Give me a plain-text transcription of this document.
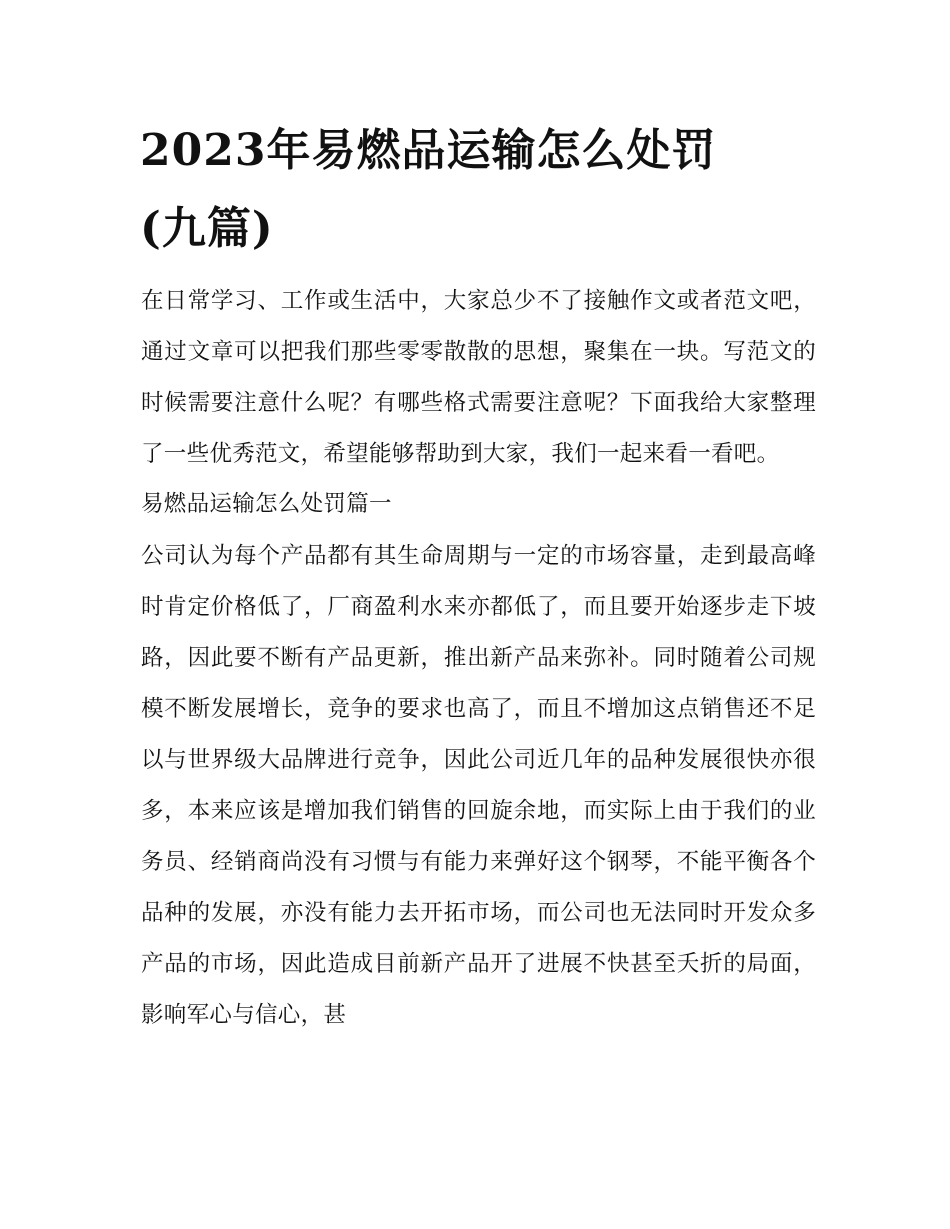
2023年易燃品运输怎么处罚
(九篇)

在日常学习、工作或生活中，大家总少不了接触作文或者范文吧，通过文章可以把我们那些零零散散的思想，聚集在一块。写范文的时候需要注意什么呢？有哪些格式需要注意呢？下面我给大家整理了一些优秀范文，希望能够帮助到大家，我们一起来看一看吧。

易燃品运输怎么处罚篇一

公司认为每个产品都有其生命周期与一定的市场容量，走到最高峰时肯定价格低了，厂商盈利水来亦都低了，而且要开始逐步走下坡路，因此要不断有产品更新，推出新产品来弥补。同时随着公司规模不断发展增长，竞争的要求也高了，而且不增加这点销售还不足以与世界级大品牌进行竞争，因此公司近几年的品种发展很快亦很多，本来应该是增加我们销售的回旋余地，而实际上由于我们的业务员、经销商尚没有习惯与有能力来弹好这个钢琴，不能平衡各个品种的发展，亦没有能力去开拓市场，而公司也无法同时开发众多产品的市场，因此造成目前新产品开了进展不快甚至夭折的局面，影响军心与信心，甚
